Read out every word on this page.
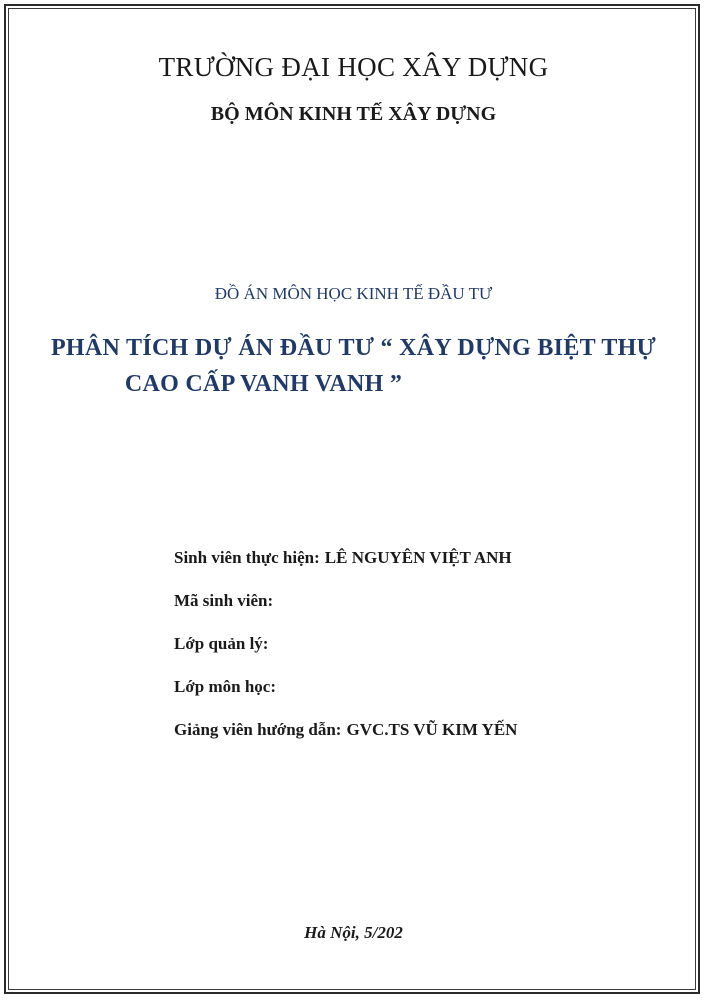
TRƯỜNG ĐẠI HỌC XÂY DỰNG
BỘ MÔN KINH TẾ XÂY DỰNG
ĐỒ ÁN MÔN HỌC KINH TẾ ĐẦU TƯ
PHÂN TÍCH DỰ ÁN ĐẦU TƯ “ XÂY DỰNG BIỆT THỰ
CAO CẤP VANH VANH ”
Sinh viên thực hiện: LÊ NGUYÊN VIỆT ANH
Mã sinh viên:
Lớp quản lý:
Lớp môn học:
Giảng viên hướng dẫn: GVC.TS VŨ KIM YẾN
Hà Nội, 5/202
